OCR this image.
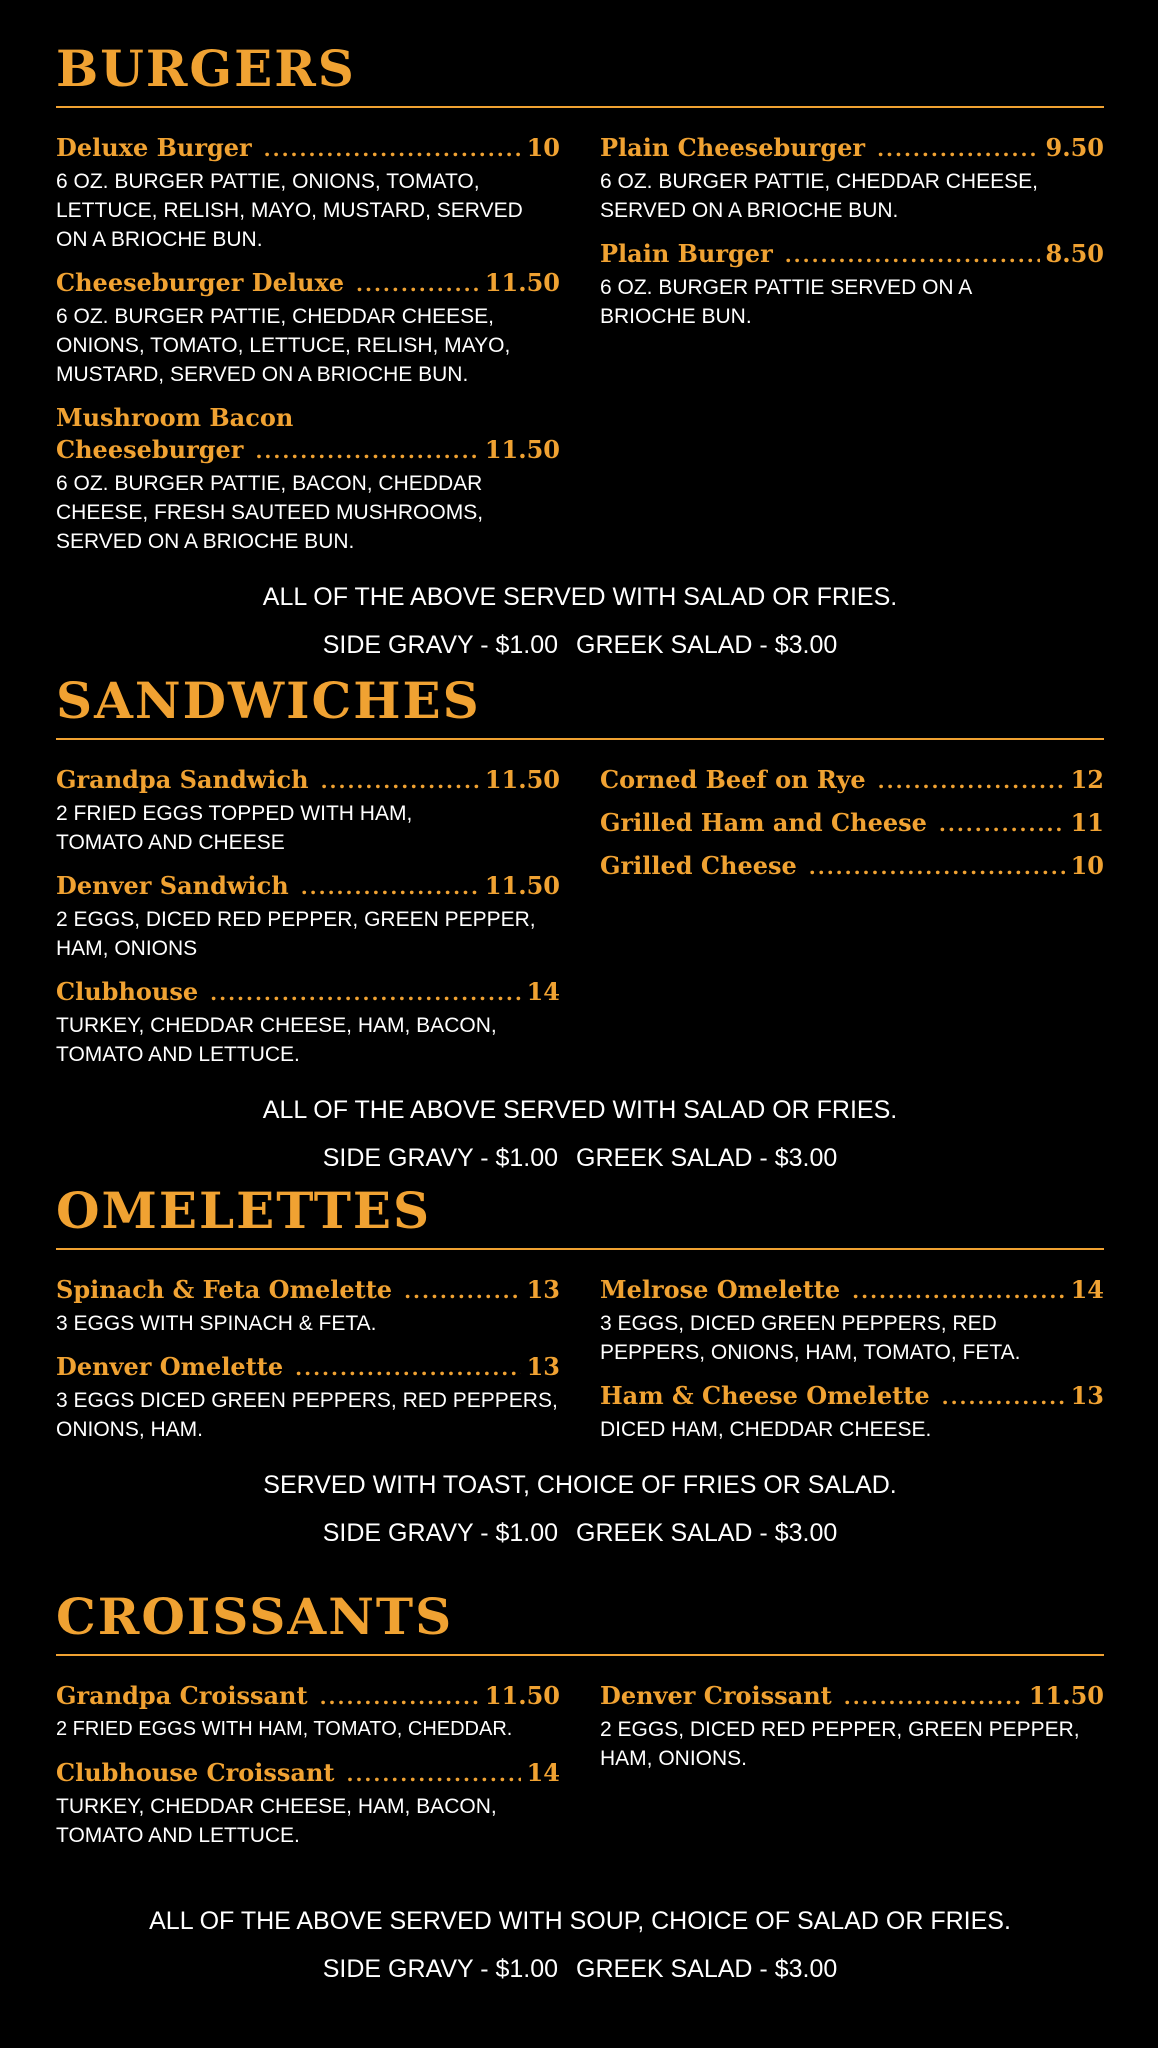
BURGERS
Deluxe Burger .....	10
6 OZ. BURGER PATTIE, ONIONS, TOMATO, LETTUCE, RELISH, MAYO, MUSTARD, SERVED ON A BRIOCHE BUN.
Cheeseburger Deluxe .....	11.50
6 OZ. BURGER PATTIE, CHEDDAR CHEESE, ONIONS, TOMATO, LETTUCE, RELISH, MAYO, MUSTARD, SERVED ON A BRIOCHE BUN.
Mushroom Bacon
Cheeseburger .....	11.50
6 OZ. BURGER PATTIE, BACON, CHEDDAR CHEESE, FRESH SAUTEED MUSHROOMS, SERVED ON A BRIOCHE BUN.
Plain Cheeseburger .....	9.50
6 OZ. BURGER PATTIE, CHEDDAR CHEESE, SERVED ON A BRIOCHE BUN.
Plain Burger .....	8.50
6 OZ. BURGER PATTIE SERVED ON A BRIOCHE BUN.
ALL OF THE ABOVE SERVED WITH SALAD OR FRIES.
SIDE GRAVY - $1.00 GREEK SALAD - $3.00
SANDWICHES
Grandpa Sandwich .....	11.50
2 FRIED EGGS TOPPED WITH HAM, TOMATO AND CHEESE
Denver Sandwich .....	11.50
2 EGGS, DICED RED PEPPER, GREEN PEPPER, HAM, ONIONS
Clubhouse .....	14
TURKEY, CHEDDAR CHEESE, HAM, BACON, TOMATO AND LETTUCE.
Corned Beef on Rye .....	12
Grilled Ham and Cheese .....	11
Grilled Cheese .....	10
ALL OF THE ABOVE SERVED WITH SALAD OR FRIES.
SIDE GRAVY - $1.00 GREEK SALAD - $3.00
OMELETTES
Spinach & Feta Omelette .....	13
3 EGGS WITH SPINACH & FETA.
Denver Omelette .....	13
3 EGGS DICED GREEN PEPPERS, RED PEPPERS, ONIONS, HAM.
Melrose Omelette .....	14
3 EGGS, DICED GREEN PEPPERS, RED PEPPERS, ONIONS, HAM, TOMATO, FETA.
Ham & Cheese Omelette .....	13
DICED HAM, CHEDDAR CHEESE.
SERVED WITH TOAST, CHOICE OF FRIES OR SALAD.
SIDE GRAVY - $1.00 GREEK SALAD - $3.00
CROISSANTS
Grandpa Croissant .....	11.50
2 FRIED EGGS WITH HAM, TOMATO, CHEDDAR.
Clubhouse Croissant .....	14
TURKEY, CHEDDAR CHEESE, HAM, BACON, TOMATO AND LETTUCE.
Denver Croissant .....	11.50
2 EGGS, DICED RED PEPPER, GREEN PEPPER, HAM, ONIONS.
ALL OF THE ABOVE SERVED WITH SOUP, CHOICE OF SALAD OR FRIES.
SIDE GRAVY - $1.00 GREEK SALAD - $3.00
